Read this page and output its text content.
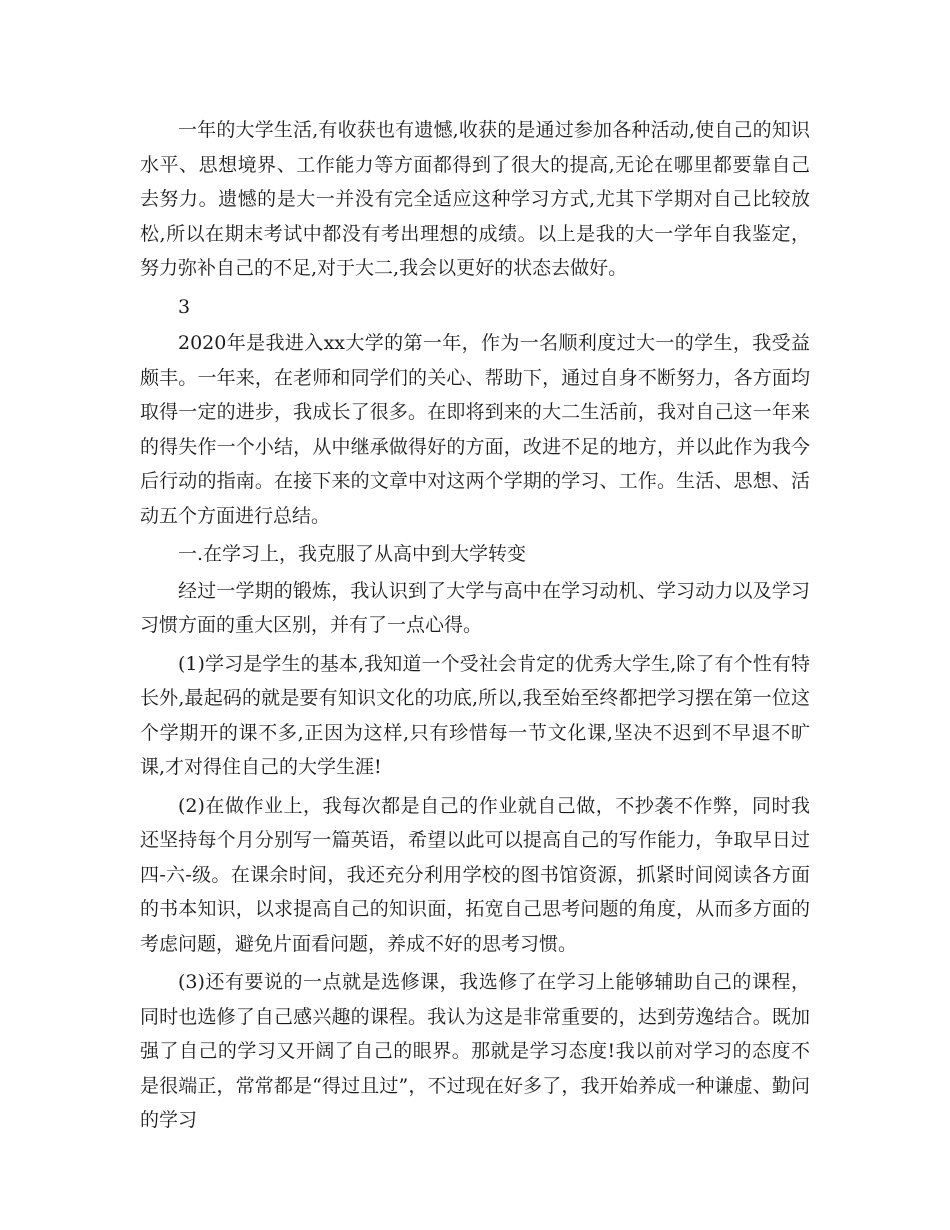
一年的大学生活,有收获也有遗憾,收获的是通过参加各种活动,使自己的知识水平、思想境界、工作能力等方面都得到了很大的提高,无论在哪里都要靠自己去努力。遗憾的是大一并没有完全适应这种学习方式,尤其下学期对自己比较放松,所以在期末考试中都没有考出理想的成绩。以上是我的大一学年自我鉴定，努力弥补自己的不足,对于大二,我会以更好的状态去做好。

3

2020年是我进入xx大学的第一年，作为一名顺利度过大一的学生，我受益颇丰。一年来，在老师和同学们的关心、帮助下，通过自身不断努力，各方面均取得一定的进步，我成长了很多。在即将到来的大二生活前，我对自己这一年来的得失作一个小结，从中继承做得好的方面，改进不足的地方，并以此作为我今后行动的指南。在接下来的文章中对这两个学期的学习、工作。生活、思想、活动五个方面进行总结。

一.在学习上，我克服了从高中到大学转变

经过一学期的锻炼，我认识到了大学与高中在学习动机、学习动力以及学习习惯方面的重大区别，并有了一点心得。

(1)学习是学生的基本,我知道一个受社会肯定的优秀大学生,除了有个性有特长外,最起码的就是要有知识文化的功底,所以,我至始至终都把学习摆在第一位这个学期开的课不多,正因为这样,只有珍惜每一节文化课,坚决不迟到不早退不旷课,才对得住自己的大学生涯!

(2)在做作业上，我每次都是自己的作业就自己做，不抄袭不作弊，同时我还坚持每个月分别写一篇英语，希望以此可以提高自己的写作能力，争取早日过四-六-级。在课余时间，我还充分利用学校的图书馆资源，抓紧时间阅读各方面的书本知识，以求提高自己的知识面，拓宽自己思考问题的角度，从而多方面的考虑问题，避免片面看问题，养成不好的思考习惯。

(3)还有要说的一点就是选修课，我选修了在学习上能够辅助自己的课程，同时也选修了自己感兴趣的课程。我认为这是非常重要的，达到劳逸结合。既加强了自己的学习又开阔了自己的眼界。那就是学习态度!我以前对学习的态度不是很端正，常常都是“得过且过”，不过现在好多了，我开始养成一种谦虚、勤问的学习
